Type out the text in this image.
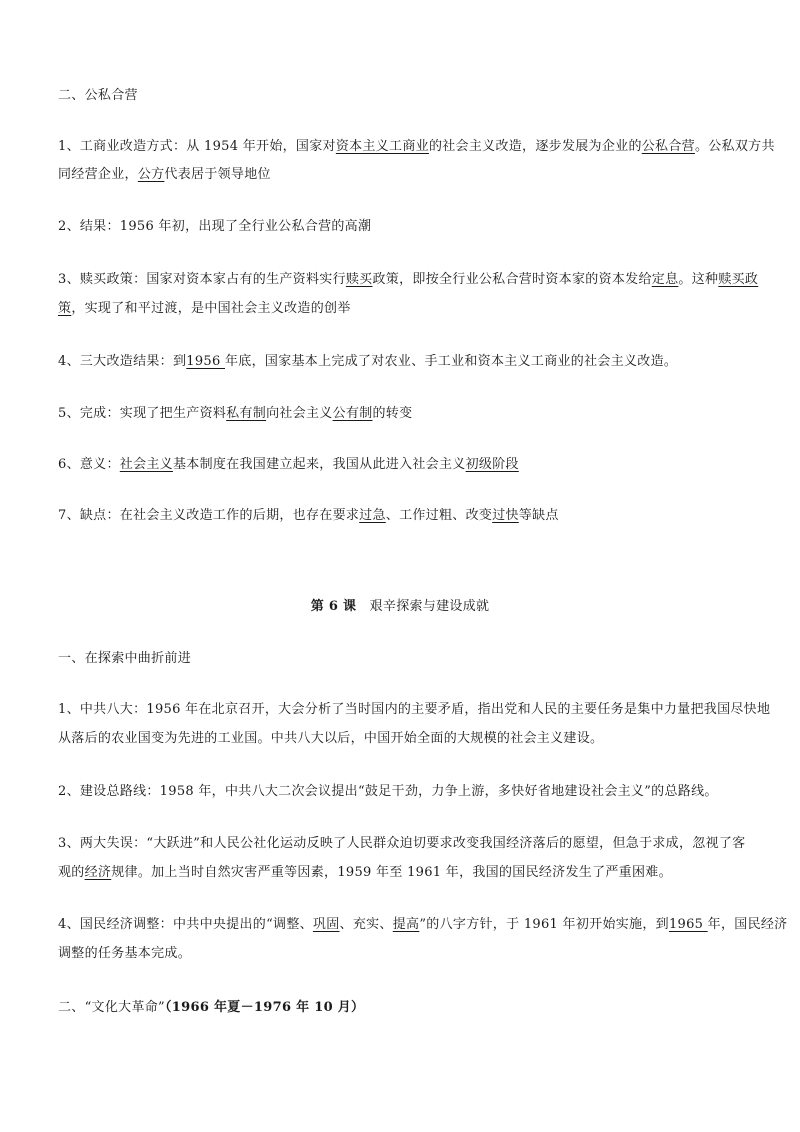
二、公私合营
1、工商业改造方式：从 1954 年开始，国家对资本主义工商业的社会主义改造，逐步发展为企业的公私合营。公私双方共
同经营企业，公方代表居于领导地位
2、结果：1956 年初，出现了全行业公私合营的高潮
3、赎买政策：国家对资本家占有的生产资料实行赎买政策，即按全行业公私合营时资本家的资本发给定息。这种赎买政
策，实现了和平过渡，是中国社会主义改造的创举
4、三大改造结果：到1956 年底，国家基本上完成了对农业、手工业和资本主义工商业的社会主义改造。
5、完成：实现了把生产资料私有制向社会主义公有制的转变
6、意义：社会主义基本制度在我国建立起来，我国从此进入社会主义初级阶段
7、缺点：在社会主义改造工作的后期，也存在要求过急、工作过粗、改变过快等缺点
第 6 课 艰辛探索与建设成就
一、在探索中曲折前进
1、中共八大：1956 年在北京召开，大会分析了当时国内的主要矛盾，指出党和人民的主要任务是集中力量把我国尽快地
从落后的农业国变为先进的工业国。中共八大以后，中国开始全面的大规模的社会主义建设。
2、建设总路线：1958 年，中共八大二次会议提出“鼓足干劲，力争上游，多快好省地建设社会主义”的总路线。
3、两大失误：“大跃进”和人民公社化运动反映了人民群众迫切要求改变我国经济落后的愿望，但急于求成，忽视了客
观的经济规律。加上当时自然灾害严重等因素，1959 年至 1961 年，我国的国民经济发生了严重困难。
4、国民经济调整：中共中央提出的“调整、巩固、充实、提高”的八字方针，于 1961 年初开始实施，到1965 年，国民经济
调整的任务基本完成。
二、“文化大革命”（1966 年夏－1976 年 10 月）
